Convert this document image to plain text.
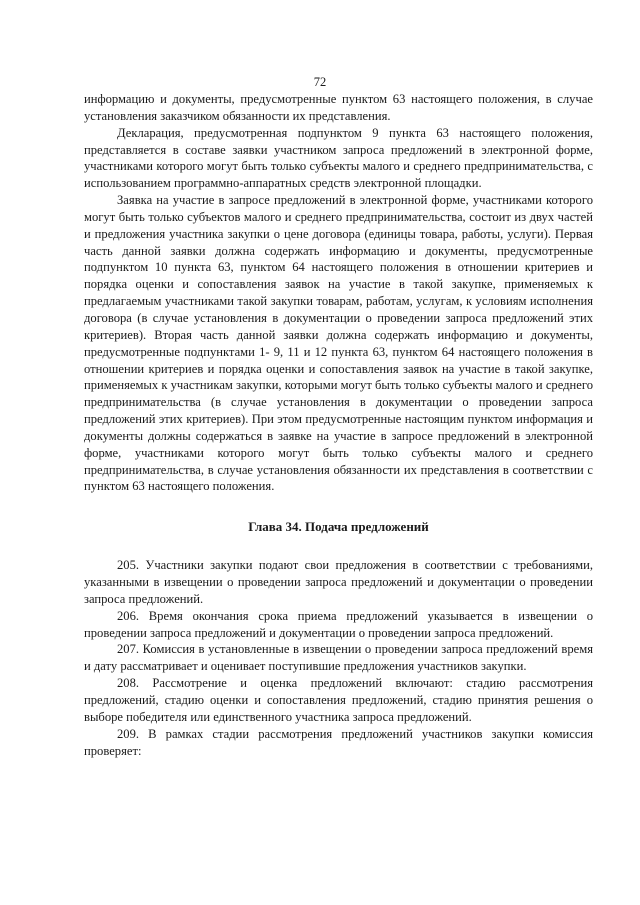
72

информацию и документы, предусмотренные пунктом 63 настоящего положения, в случае установления заказчиком обязанности их представления.

Декларация, предусмотренная подпунктом 9 пункта 63 настоящего положения, представляется в составе заявки участником запроса предложений в электронной форме, участниками которого могут быть только субъекты малого и среднего предпринимательства, с использованием программно-аппаратных средств электронной площадки.

Заявка на участие в запросе предложений в электронной форме, участниками которого могут быть только субъектов малого и среднего предпринимательства, состоит из двух частей и предложения участника закупки о цене договора (единицы товара, работы, услуги). Первая часть данной заявки должна содержать информацию и документы, предусмотренные подпунктом 10 пункта 63, пунктом 64 настоящего положения в отношении критериев и порядка оценки и сопоставления заявок на участие в такой закупке, применяемых к предлагаемым участниками такой закупки товарам, работам, услугам, к условиям исполнения договора (в случае установления в документации о проведении запроса предложений этих критериев). Вторая часть данной заявки должна содержать информацию и документы, предусмотренные подпунктами 1- 9, 11 и 12 пункта 63, пунктом 64 настоящего положения в отношении критериев и порядка оценки и сопоставления заявок на участие в такой закупке, применяемых к участникам закупки, которыми могут быть только субъекты малого и среднего предпринимательства (в случае установления в документации о проведении запроса предложений этих критериев). При этом предусмотренные настоящим пунктом информация и документы должны содержаться в заявке на участие в запросе предложений в электронной форме, участниками которого могут быть только субъекты малого и среднего предпринимательства, в случае установления обязанности их представления в соответствии с пунктом 63 настоящего положения.

Глава 34. Подача предложений

205. Участники закупки подают свои предложения в соответствии с требованиями, указанными в извещении о проведении запроса предложений и документации о проведении запроса предложений.

206. Время окончания срока приема предложений указывается в извещении о проведении запроса предложений и документации о проведении запроса предложений.

207. Комиссия в установленные в извещении о проведении запроса предложений время и дату рассматривает и оценивает поступившие предложения участников закупки.

208. Рассмотрение и оценка предложений включают: стадию рассмотрения предложений, стадию оценки и сопоставления предложений, стадию принятия решения о выборе победителя или единственного участника запроса предложений.

209. В рамках стадии рассмотрения предложений участников закупки комиссия проверяет:
